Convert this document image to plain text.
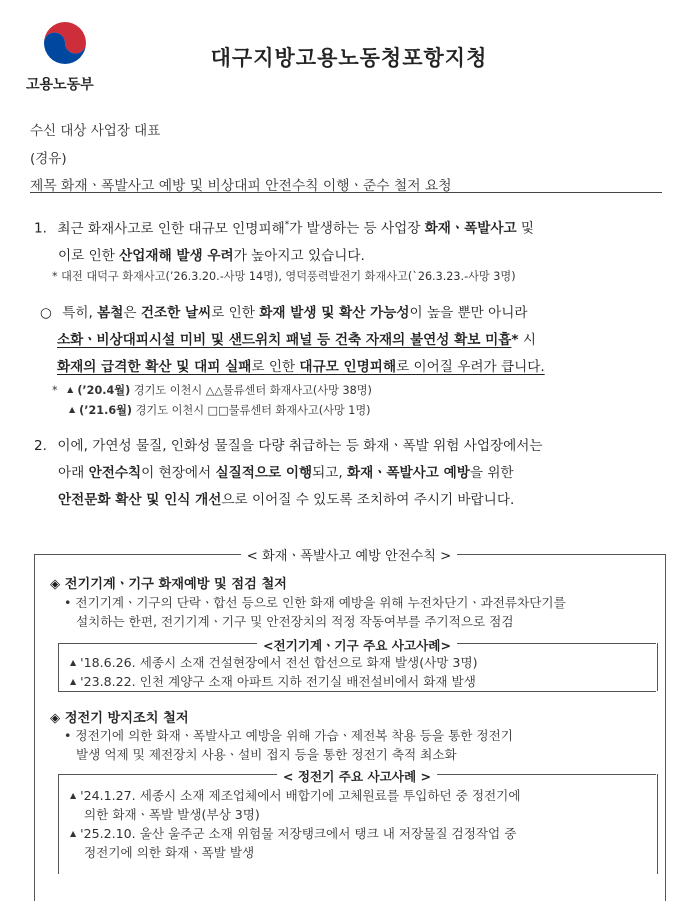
고용노동부
대구지방고용노동청포항지청
수신 대상 사업장 대표
(경유)
제목 화재ㆍ폭발사고 예방 및 비상대피 안전수칙 이행ㆍ준수 철저 요청
1. 최근 화재사고로 인한 대규모 인명피해*가 발생하는 등 사업장 화재ㆍ폭발사고 및
이로 인한 산업재해 발생 우려가 높아지고 있습니다.
* 대전 대덕구 화재사고(’26.3.20.-사망 14명), 영덕풍력발전기 화재사고(`26.3.23.-사망 3명)
○ 특히, 봄철은 건조한 날씨로 인한 화재 발생 및 확산 가능성이 높을 뿐만 아니라
소화ㆍ비상대피시설 미비 및 샌드위치 패널 등 건축 자재의 불연성 확보 미흡* 시
화재의 급격한 확산 및 대피 실패로 인한 대규모 인명피해로 이어질 우려가 큽니다.
* ▲ (’20.4월) 경기도 이천시 △△물류센터 화재사고(사망 38명)
▲ (’21.6월) 경기도 이천시 □□물류센터 화재사고(사망 1명)
2. 이에, 가연성 물질, 인화성 물질을 다량 취급하는 등 화재ㆍ폭발 위험 사업장에서는
아래 안전수칙이 현장에서 실질적으로 이행되고, 화재ㆍ폭발사고 예방을 위한
안전문화 확산 및 인식 개선으로 이어질 수 있도록 조치하여 주시기 바랍니다.
< 화재ㆍ폭발사고 예방 안전수칙 >
◈ 전기기계ㆍ기구 화재예방 및 점검 철저
• 전기기계ㆍ기구의 단락ㆍ합선 등으로 인한 화재 예방을 위해 누전차단기ㆍ과전류차단기를
설치하는 한편, 전기기계ㆍ기구 및 안전장치의 적정 작동여부를 주기적으로 점검
<전기기계ㆍ기구 주요 사고사례>
▲ '18.6.26. 세종시 소재 건설현장에서 전선 합선으로 화재 발생(사망 3명)
▲ '23.8.22. 인천 계양구 소재 아파트 지하 전기실 배전설비에서 화재 발생
◈ 정전기 방지조치 철저
• 정전기에 의한 화재ㆍ폭발사고 예방을 위해 가습ㆍ제전복 착용 등을 통한 정전기
발생 억제 및 제전장치 사용ㆍ설비 접지 등을 통한 정전기 축적 최소화
< 정전기 주요 사고사례 >
▲ '24.1.27. 세종시 소재 제조업체에서 배합기에 고체원료를 투입하던 중 정전기에
의한 화재ㆍ폭발 발생(부상 3명)
▲ '25.2.10. 울산 울주군 소재 위험물 저장탱크에서 탱크 내 저장물질 검정작업 중
정전기에 의한 화재ㆍ폭발 발생
